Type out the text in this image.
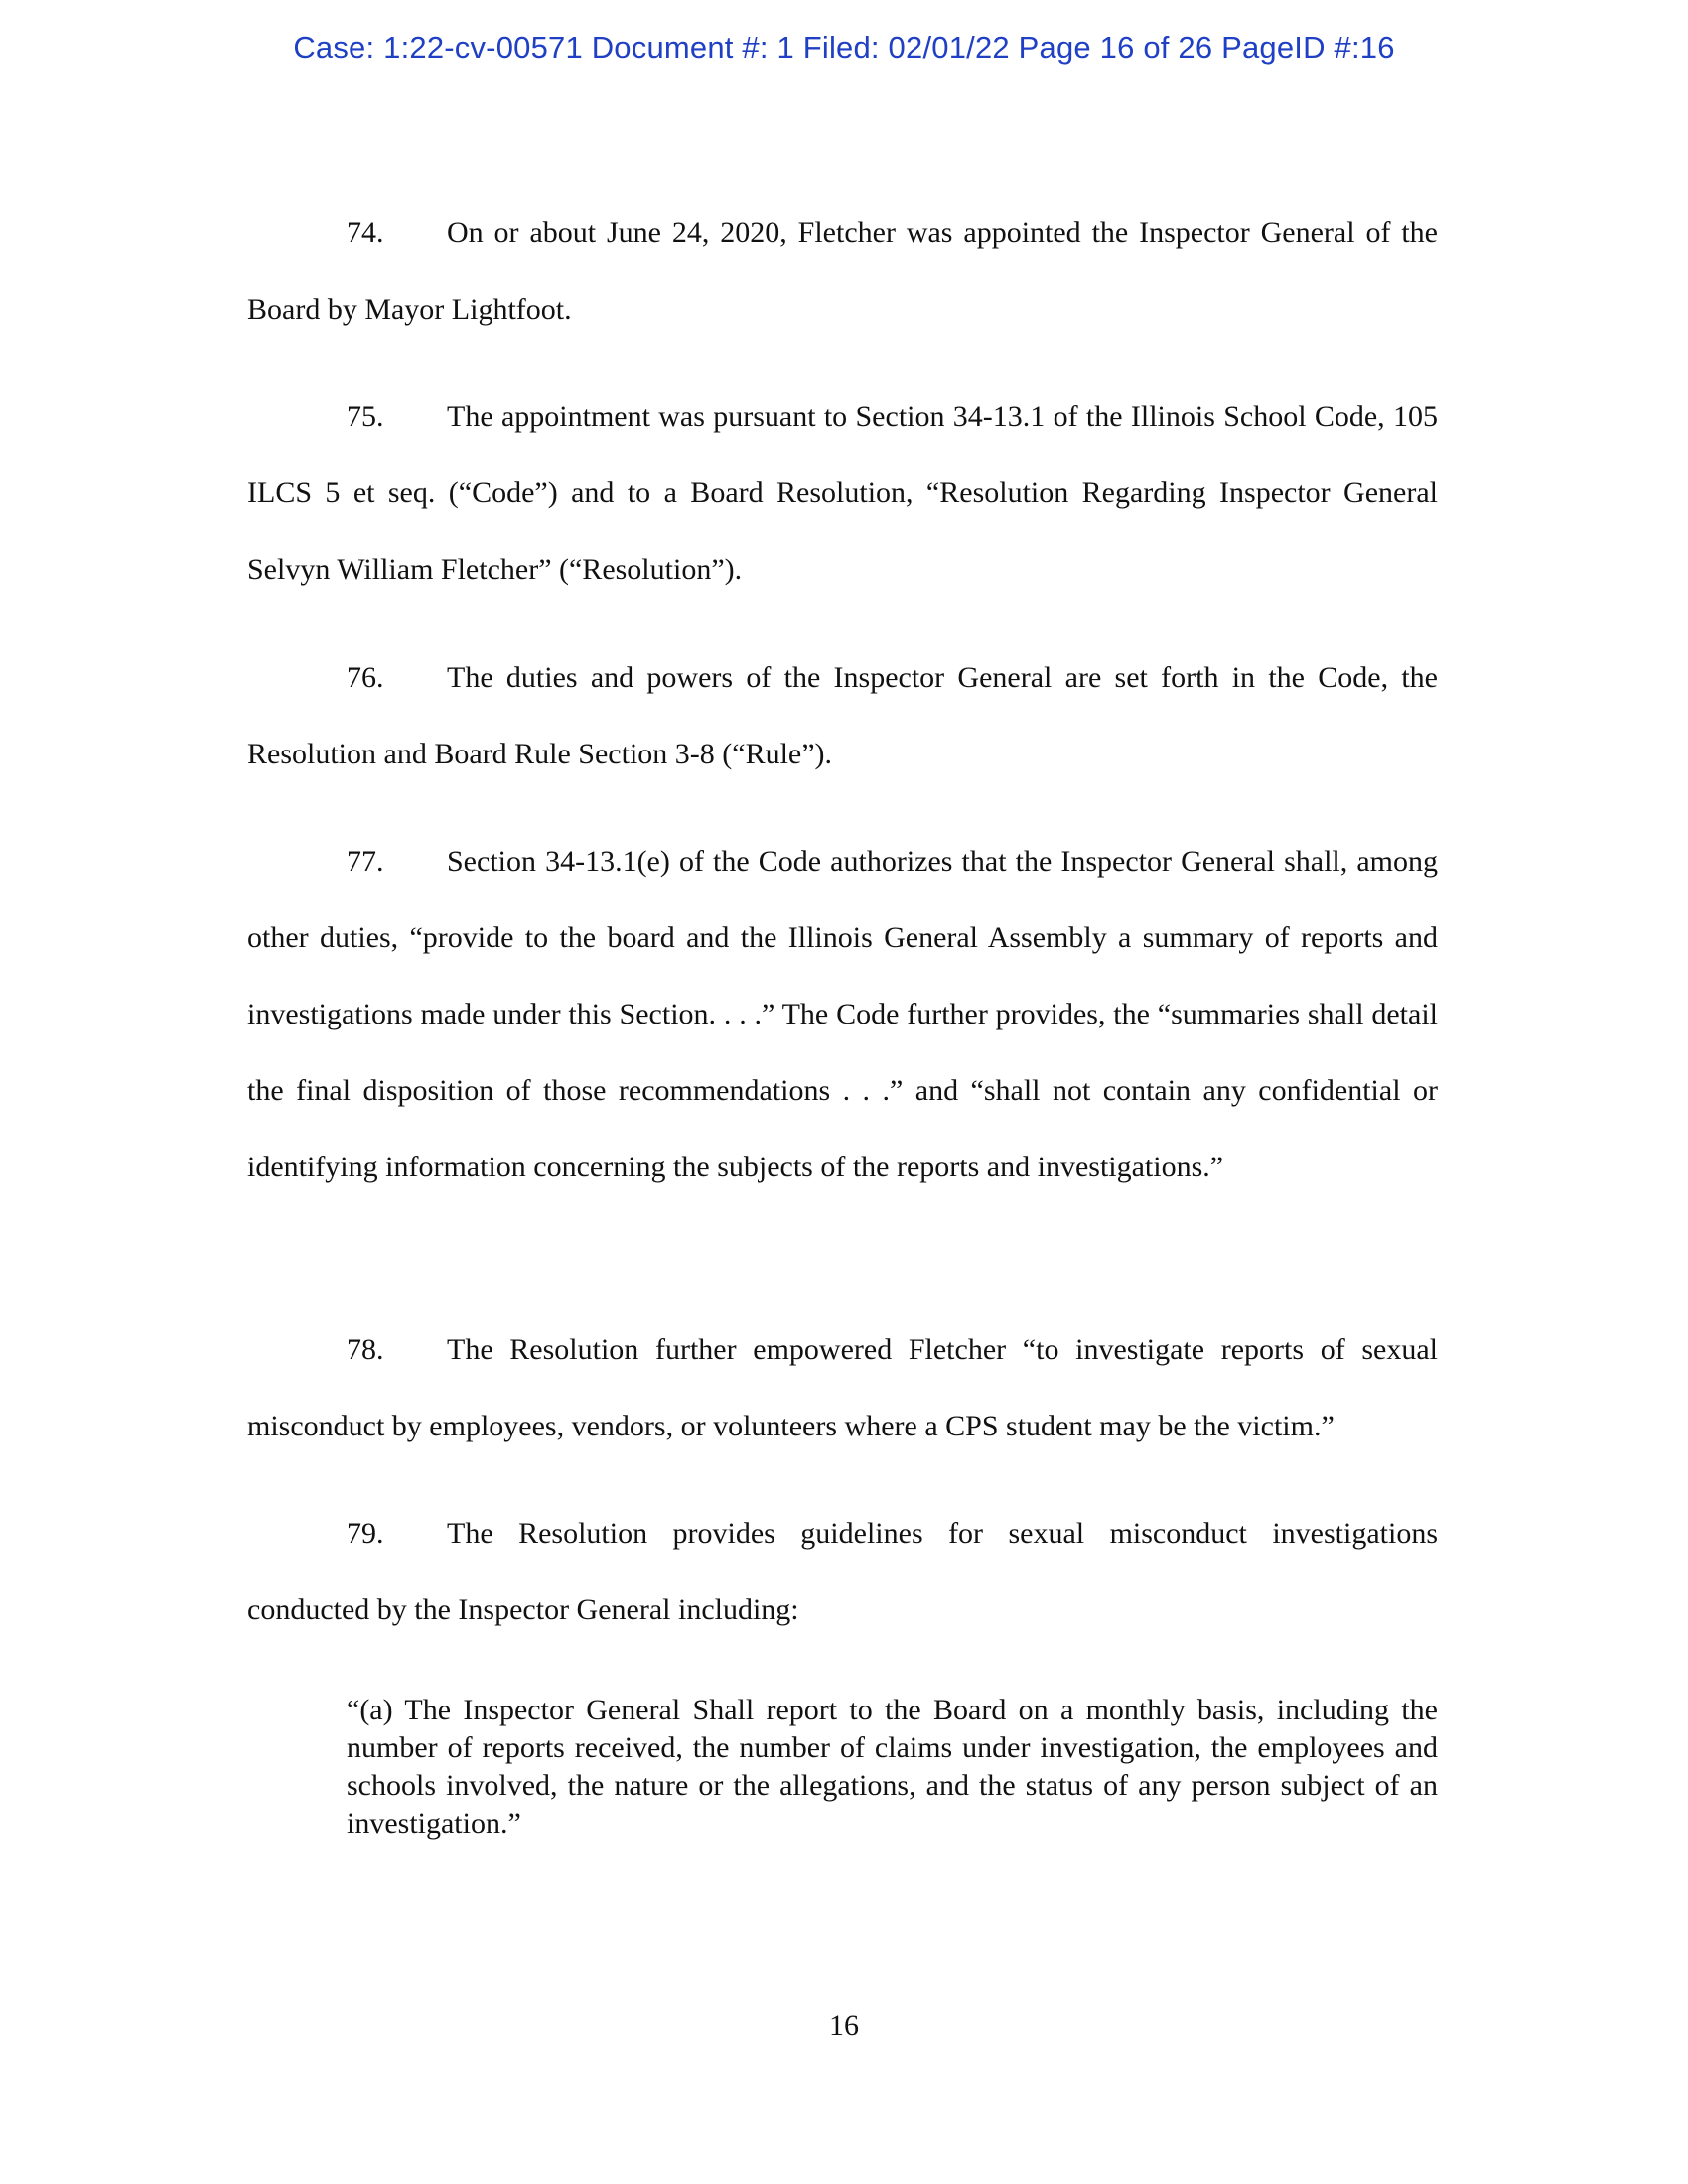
Case: 1:22-cv-00571 Document #: 1 Filed: 02/01/22 Page 16 of 26 PageID #:16

74. On or about June 24, 2020, Fletcher was appointed the Inspector General of the Board by Mayor Lightfoot.

75. The appointment was pursuant to Section 34-13.1 of the Illinois School Code, 105 ILCS 5 et seq. (“Code”) and to a Board Resolution, “Resolution Regarding Inspector General Selvyn William Fletcher” (“Resolution”).

76. The duties and powers of the Inspector General are set forth in the Code, the Resolution and Board Rule Section 3-8 (“Rule”).

77. Section 34-13.1(e) of the Code authorizes that the Inspector General shall, among other duties, “provide to the board and the Illinois General Assembly a summary of reports and investigations made under this Section. . . .” The Code further provides, the “summaries shall detail the final disposition of those recommendations . . .” and “shall not contain any confidential or identifying information concerning the subjects of the reports and investigations.”

78. The Resolution further empowered Fletcher “to investigate reports of sexual misconduct by employees, vendors, or volunteers where a CPS student may be the victim.”

79. The Resolution provides guidelines for sexual misconduct investigations conducted by the Inspector General including:

“(a) The Inspector General Shall report to the Board on a monthly basis, including the number of reports received, the number of claims under investigation, the employees and schools involved, the nature or the allegations, and the status of any person subject of an investigation.”

16
